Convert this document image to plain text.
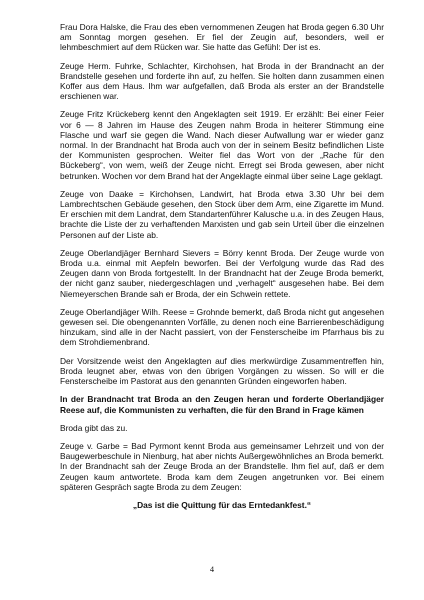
Frau Dora Halske, die Frau des eben vernommenen Zeugen hat Broda gegen 6.30 Uhr am Sonntag morgen gesehen. Er fiel der Zeugin auf, besonders, weil er lehmbeschmiert auf dem Rücken war. Sie hatte das Gefühl: Der ist es.

Zeuge Herm. Fuhrke, Schlachter, Kirchohsen, hat Broda in der Brandnacht an der Brandstelle gesehen und forderte ihn auf, zu helfen. Sie holten dann zusammen einen Koffer aus dem Haus. Ihm war aufgefallen, daß Broda als erster an der Brandstelle erschienen war.

Zeuge Fritz Krückeberg kennt den Angeklagten seit 1919. Er erzählt: Bei einer Feier vor 6 — 8 Jahren im Hause des Zeugen nahm Broda in heiterer Stimmung eine Flasche und warf sie gegen die Wand. Nach dieser Aufwallung war er wieder ganz normal. In der Brandnacht hat Broda auch von der in seinem Besitz befindlichen Liste der Kommunisten gesprochen. Weiter fiel das Wort von der „Rache für den Bückeberg“, von wem, weiß der Zeuge nicht. Erregt sei Broda gewesen, aber nicht betrunken. Wochen vor dem Brand hat der Angeklagte einmal über seine Lage geklagt.

Zeuge von Daake = Kirchohsen, Landwirt, hat Broda etwa 3.30 Uhr bei dem Lambrechtschen Gebäude gesehen, den Stock über dem Arm, eine Zigarette im Mund. Er erschien mit dem Landrat, dem Standartenführer Kalusche u.a. in des Zeugen Haus, brachte die Liste der zu verhaftenden Marxisten und gab sein Urteil über die einzelnen Personen auf der Liste ab.

Zeuge Oberlandjäger Bernhard Sievers = Börry kennt Broda. Der Zeuge wurde von Broda u.a. einmal mit Aepfeln beworfen. Bei der Verfolgung wurde das Rad des Zeugen dann von Broda fortgestellt. In der Brandnacht hat der Zeuge Broda bemerkt, der nicht ganz sauber, niedergeschlagen und „verhagelt“ ausgesehen habe. Bei dem Niemeyerschen Brande sah er Broda, der ein Schwein rettete.

Zeuge Oberlandjäger Wilh. Reese = Grohnde bemerkt, daß Broda nicht gut angesehen gewesen sei. Die obengenannten Vorfälle, zu denen noch eine Barrierenbeschädigung hinzukam, sind alle in der Nacht passiert, von der Fensterscheibe im Pfarrhaus bis zu dem Strohdiemenbrand.

Der Vorsitzende weist den Angeklagten auf dies merkwürdige Zusammentreffen hin, Broda leugnet aber, etwas von den übrigen Vorgängen zu wissen. So will er die Fensterscheibe im Pastorat aus den genannten Gründen eingeworfen haben.

In der Brandnacht trat Broda an den Zeugen heran und forderte Oberlandjäger Reese auf, die Kommunisten zu verhaften, die für den Brand in Frage kämen

Broda gibt das zu.

Zeuge v. Garbe = Bad Pyrmont kennt Broda aus gemeinsamer Lehrzeit und von der Baugewerbeschule in Nienburg, hat aber nichts Außergewöhnliches an Broda bemerkt. In der Brandnacht sah der Zeuge Broda an der Brandstelle. Ihm fiel auf, daß er dem Zeugen kaum antwortete. Broda kam dem Zeugen angetrunken vor. Bei einem späteren Gespräch sagte Broda zu dem Zeugen:

„Das ist die Quittung für das Erntedankfest.“

4
